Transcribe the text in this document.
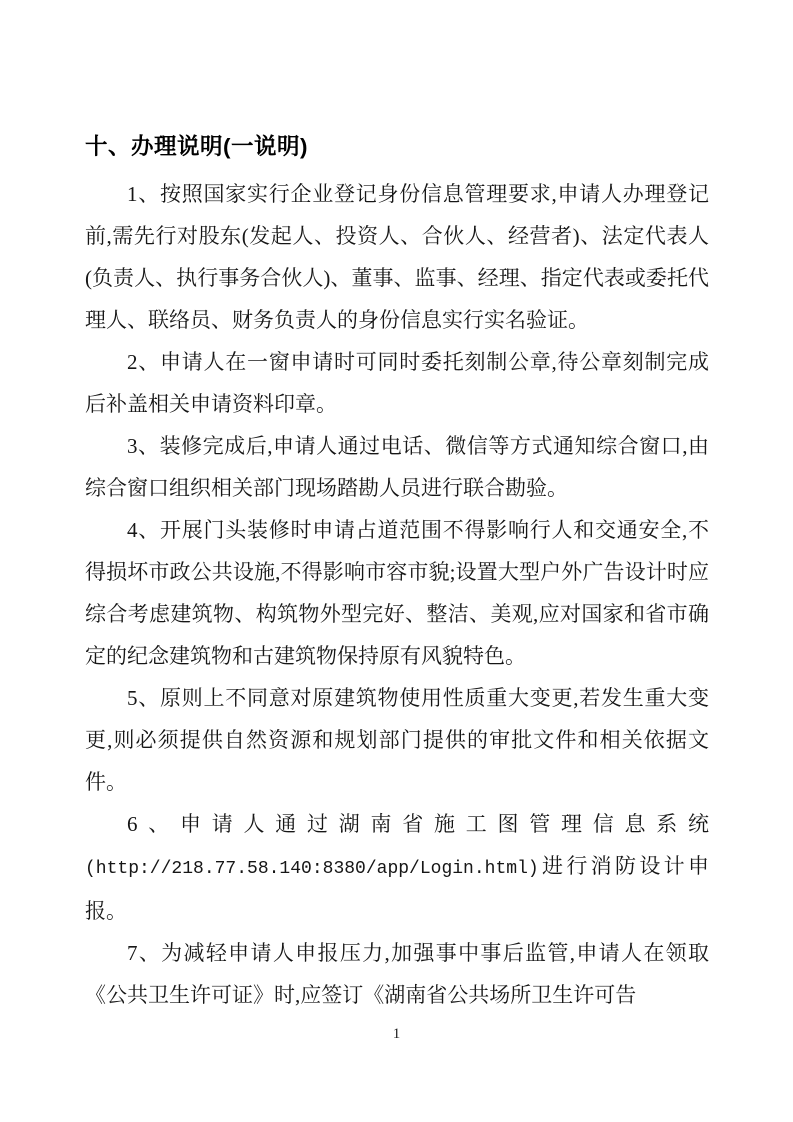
十、办理说明(一说明)

1、按照国家实行企业登记身份信息管理要求,申请人办理登记前,需先行对股东(发起人、投资人、合伙人、经营者)、法定代表人(负责人、执行事务合伙人)、董事、监事、经理、指定代表或委托代理人、联络员、财务负责人的身份信息实行实名验证。

2、申请人在一窗申请时可同时委托刻制公章,待公章刻制完成后补盖相关申请资料印章。

3、装修完成后,申请人通过电话、微信等方式通知综合窗口,由综合窗口组织相关部门现场踏勘人员进行联合勘验。

4、开展门头装修时申请占道范围不得影响行人和交通安全,不得损坏市政公共设施,不得影响市容市貌;设置大型户外广告设计时应综合考虑建筑物、构筑物外型完好、整洁、美观,应对国家和省市确定的纪念建筑物和古建筑物保持原有风貌特色。

5、原则上不同意对原建筑物使用性质重大变更,若发生重大变更,则必须提供自然资源和规划部门提供的审批文件和相关依据文件。

6、申请人通过湖南省施工图管理信息系统(http://218.77.58.140:8380/app/Login.html)进行消防设计申报。

7、为减轻申请人申报压力,加强事中事后监管,申请人在领取《公共卫生许可证》时,应签订《湖南省公共场所卫生许可告

1
